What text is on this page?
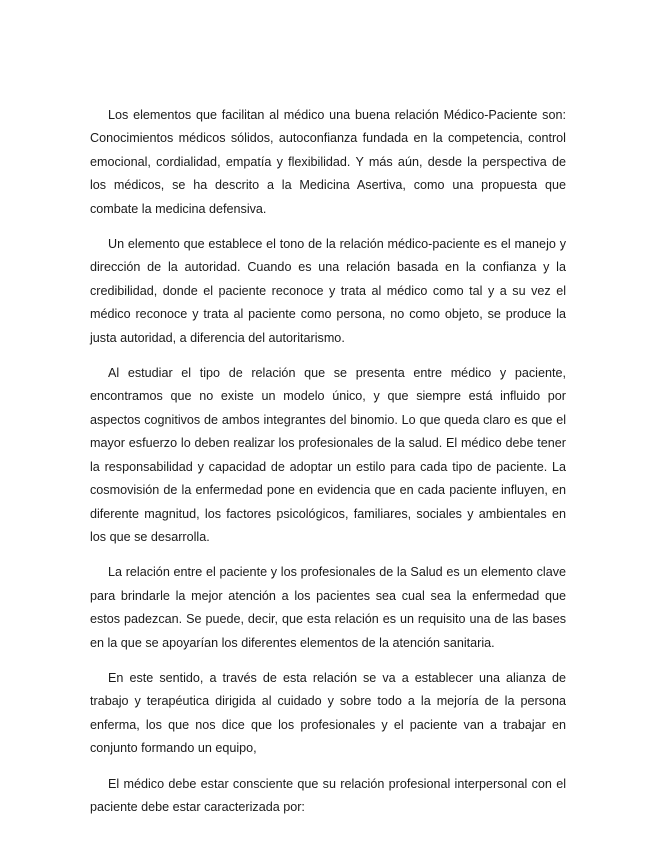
Los elementos que facilitan al médico una buena relación Médico-Paciente son: Conocimientos médicos sólidos, autoconfianza fundada en la competencia, control emocional, cordialidad, empatía y flexibilidad. Y más aún, desde la perspectiva de los médicos, se ha descrito a la Medicina Asertiva, como una propuesta que combate la medicina defensiva.

Un elemento que establece el tono de la relación médico-paciente es el manejo y dirección de la autoridad. Cuando es una relación basada en la confianza y la credibilidad, donde el paciente reconoce y trata al médico como tal y a su vez el médico reconoce y trata al paciente como persona, no como objeto, se produce la justa autoridad, a diferencia del autoritarismo.

Al estudiar el tipo de relación que se presenta entre médico y paciente, encontramos que no existe un modelo único, y que siempre está influido por aspectos cognitivos de ambos integrantes del binomio. Lo que queda claro es que el mayor esfuerzo lo deben realizar los profesionales de la salud. El médico debe tener la responsabilidad y capacidad de adoptar un estilo para cada tipo de paciente. La cosmovisión de la enfermedad pone en evidencia que en cada paciente influyen, en diferente magnitud, los factores psicológicos, familiares, sociales y ambientales en los que se desarrolla.

La relación entre el paciente y los profesionales de la Salud es un elemento clave para brindarle la mejor atención a los pacientes sea cual sea la enfermedad que estos padezcan. Se puede, decir, que esta relación es un requisito una de las bases en la que se apoyarían los diferentes elementos de la atención sanitaria.

En este sentido, a través de esta relación se va a establecer una alianza de trabajo y terapéutica dirigida al cuidado y sobre todo a la mejoría de la persona enferma, los que nos dice que los profesionales y el paciente van a trabajar en conjunto formando un equipo,

El médico debe estar consciente que su relación profesional interpersonal con el paciente debe estar caracterizada por:
